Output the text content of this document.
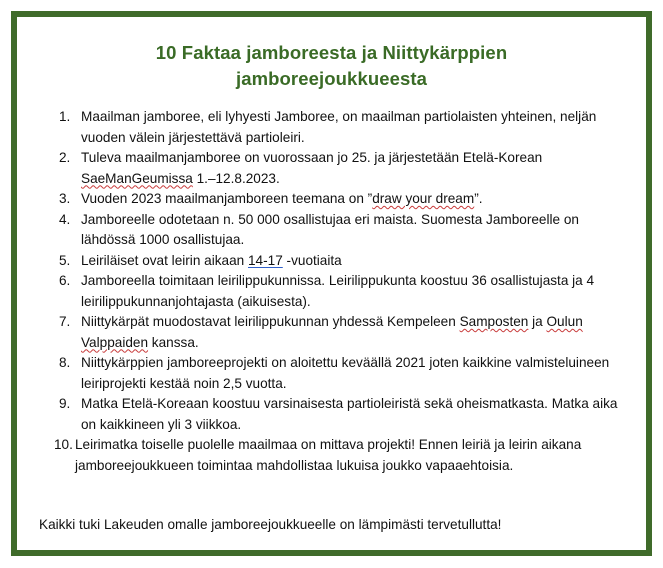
10 Faktaa jamboreesta ja Niittykärppien
jamboreejoukkueesta
1. Maailman jamboree, eli lyhyesti Jamboree, on maailman partiolaisten yhteinen, neljän vuoden välein järjestettävä partioleiri.
2. Tuleva maailmanjamboree on vuorossaan jo 25. ja järjestetään Etelä-Korean SaeManGeumissa 1.–12.8.2023.
3. Vuoden 2023 maailmanjamboreen teemana on ”draw your dream”.
4. Jamboreelle odotetaan n. 50 000 osallistujaa eri maista. Suomesta Jamboreelle on lähdössä 1000 osallistujaa.
5. Leiriläiset ovat leirin aikaan 14-17 -vuotiaita
6. Jamboreella toimitaan leirilippukunnissa. Leirilippukunta koostuu 36 osallistujasta ja 4 leirilippukunnanjohtajasta (aikuisesta).
7. Niittykärpät muodostavat leirilippukunnan yhdessä Kempeleen Samposten ja Oulun Valppaiden kanssa.
8. Niittykärppien jamboreeprojekti on aloitettu keväällä 2021 joten kaikkine valmisteluineen leiriprojekti kestää noin 2,5 vuotta.
9. Matka Etelä-Koreaan koostuu varsinaisesta partioleiristä sekä oheismatkasta. Matka aika on kaikkineen yli 3 viikkoa.
10. Leirimatka toiselle puolelle maailmaa on mittava projekti! Ennen leiriä ja leirin aikana jamboreejoukkueen toimintaa mahdollistaa lukuisa joukko vapaaehtoisia.
Kaikki tuki Lakeuden omalle jamboreejoukkueelle on lämpimästi tervetullutta!
